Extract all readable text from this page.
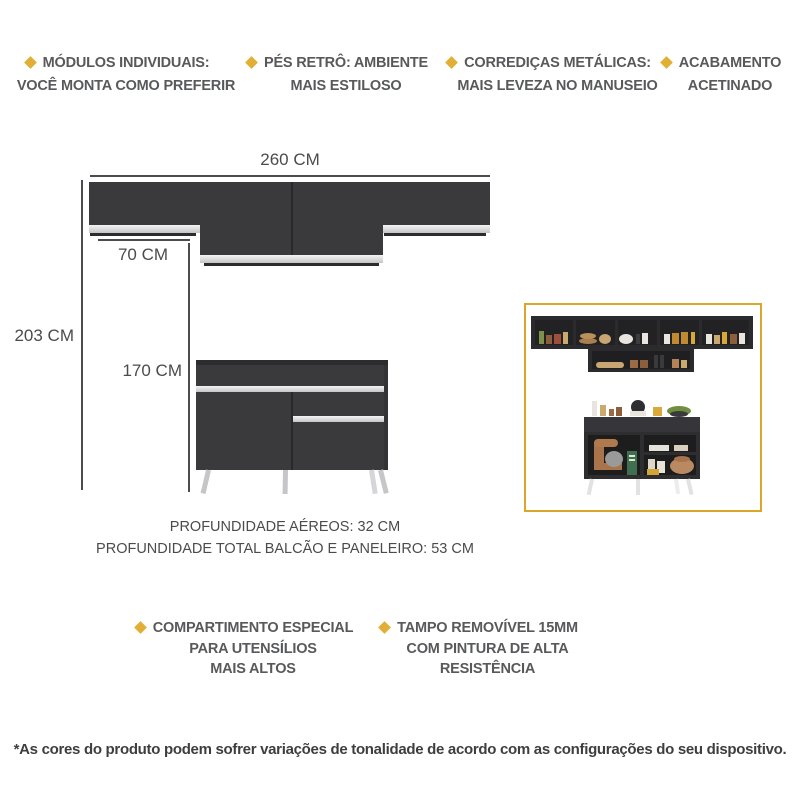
MÓDULOS INDIVIDUAIS:
VOCÊ MONTA COMO PREFERIR
PÉS RETRÔ: AMBIENTE
MAIS ESTILOSO
CORREDIÇAS METÁLICAS:
MAIS LEVEZA NO MANUSEIO
ACABAMENTO
ACETINADO
260 CM
203 CM
70 CM
170 CM
PROFUNDIDADE AÉREOS: 32 CM
PROFUNDIDADE TOTAL BALCÃO E PANELEIRO: 53 CM
COMPARTIMENTO ESPECIAL
PARA UTENSÍLIOS
MAIS ALTOS
TAMPO REMOVÍVEL 15MM
COM PINTURA DE ALTA
RESISTÊNCIA
*As cores do produto podem sofrer variações de tonalidade de acordo com as configurações do seu dispositivo.
